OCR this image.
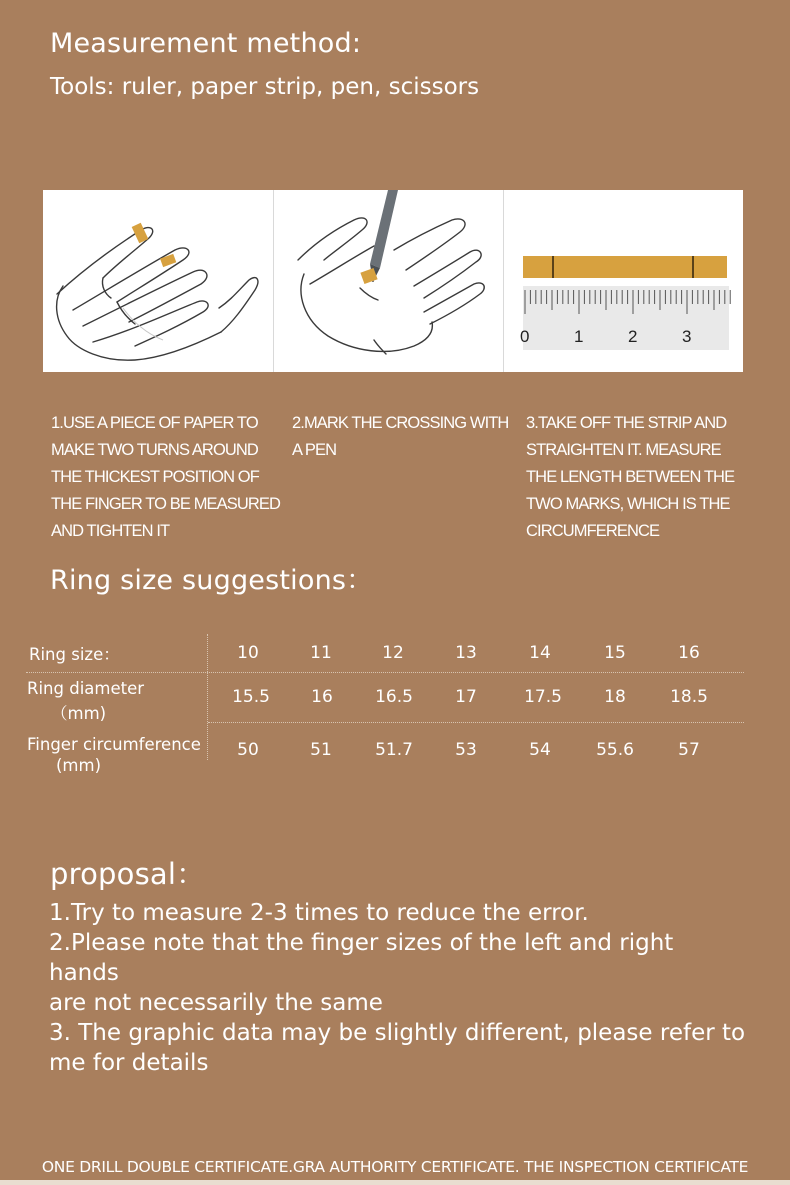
Measurement method:
Tools: ruler, paper strip, pen, scissors
0	1	2	3
1.USE A PIECE OF PAPER TO
MAKE TWO TURNS AROUND
THE THICKEST POSITION OF
THE FINGER TO BE MEASURED
AND TIGHTEN IT
2.MARK THE CROSSING WITH
A PEN
3.TAKE OFF THE STRIP AND
STRAIGHTEN IT. MEASURE
THE LENGTH BETWEEN THE
TWO MARKS, WHICH IS THE
CIRCUMFERENCE
Ring size suggestions：
Ring size：	10	11	12	13	14	15	16
Ring diameter
（mm)
15.5	16	16.5	17	17.5	18	18.5
Finger circumference
(mm)
50	51	51.7	53	54	55.6	57
proposal：
1.Try to measure 2-3 times to reduce the error.
2.Please note that the finger sizes of the left and right hands
are not necessarily the same
3. The graphic data may be slightly different, please refer to
me for details
ONE DRILL DOUBLE CERTIFICATE.GRA AUTHORITY CERTIFICATE. THE INSPECTION CERTIFICATE
